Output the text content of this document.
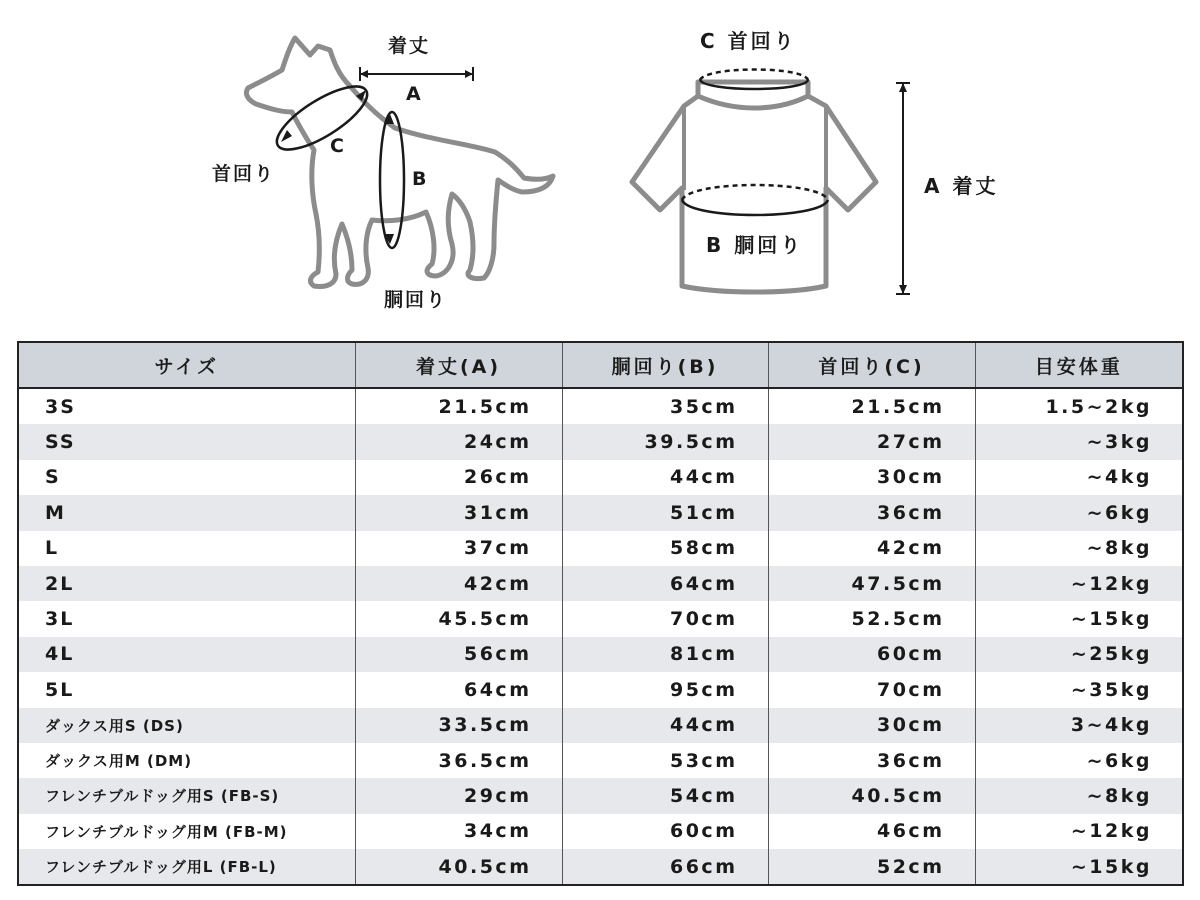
着丈
A
C
B
首回り
胴回り
C 首回り
B 胴回り
A 着丈
サイズ	着丈(A)	胴回り(B)	首回り(C)	目安体重
3S	21.5cm	35cm	21.5cm	1.5~2kg
SS	24cm	39.5cm	27cm	~3kg
S	26cm	44cm	30cm	~4kg
M	31cm	51cm	36cm	~6kg
L	37cm	58cm	42cm	~8kg
2L	42cm	64cm	47.5cm	~12kg
3L	45.5cm	70cm	52.5cm	~15kg
4L	56cm	81cm	60cm	~25kg
5L	64cm	95cm	70cm	~35kg
ダックス用S (DS)	33.5cm	44cm	30cm	3~4kg
ダックス用M (DM)	36.5cm	53cm	36cm	~6kg
フレンチブルドッグ用S (FB-S)	29cm	54cm	40.5cm	~8kg
フレンチブルドッグ用M (FB-M)	34cm	60cm	46cm	~12kg
フレンチブルドッグ用L (FB-L)	40.5cm	66cm	52cm	~15kg
